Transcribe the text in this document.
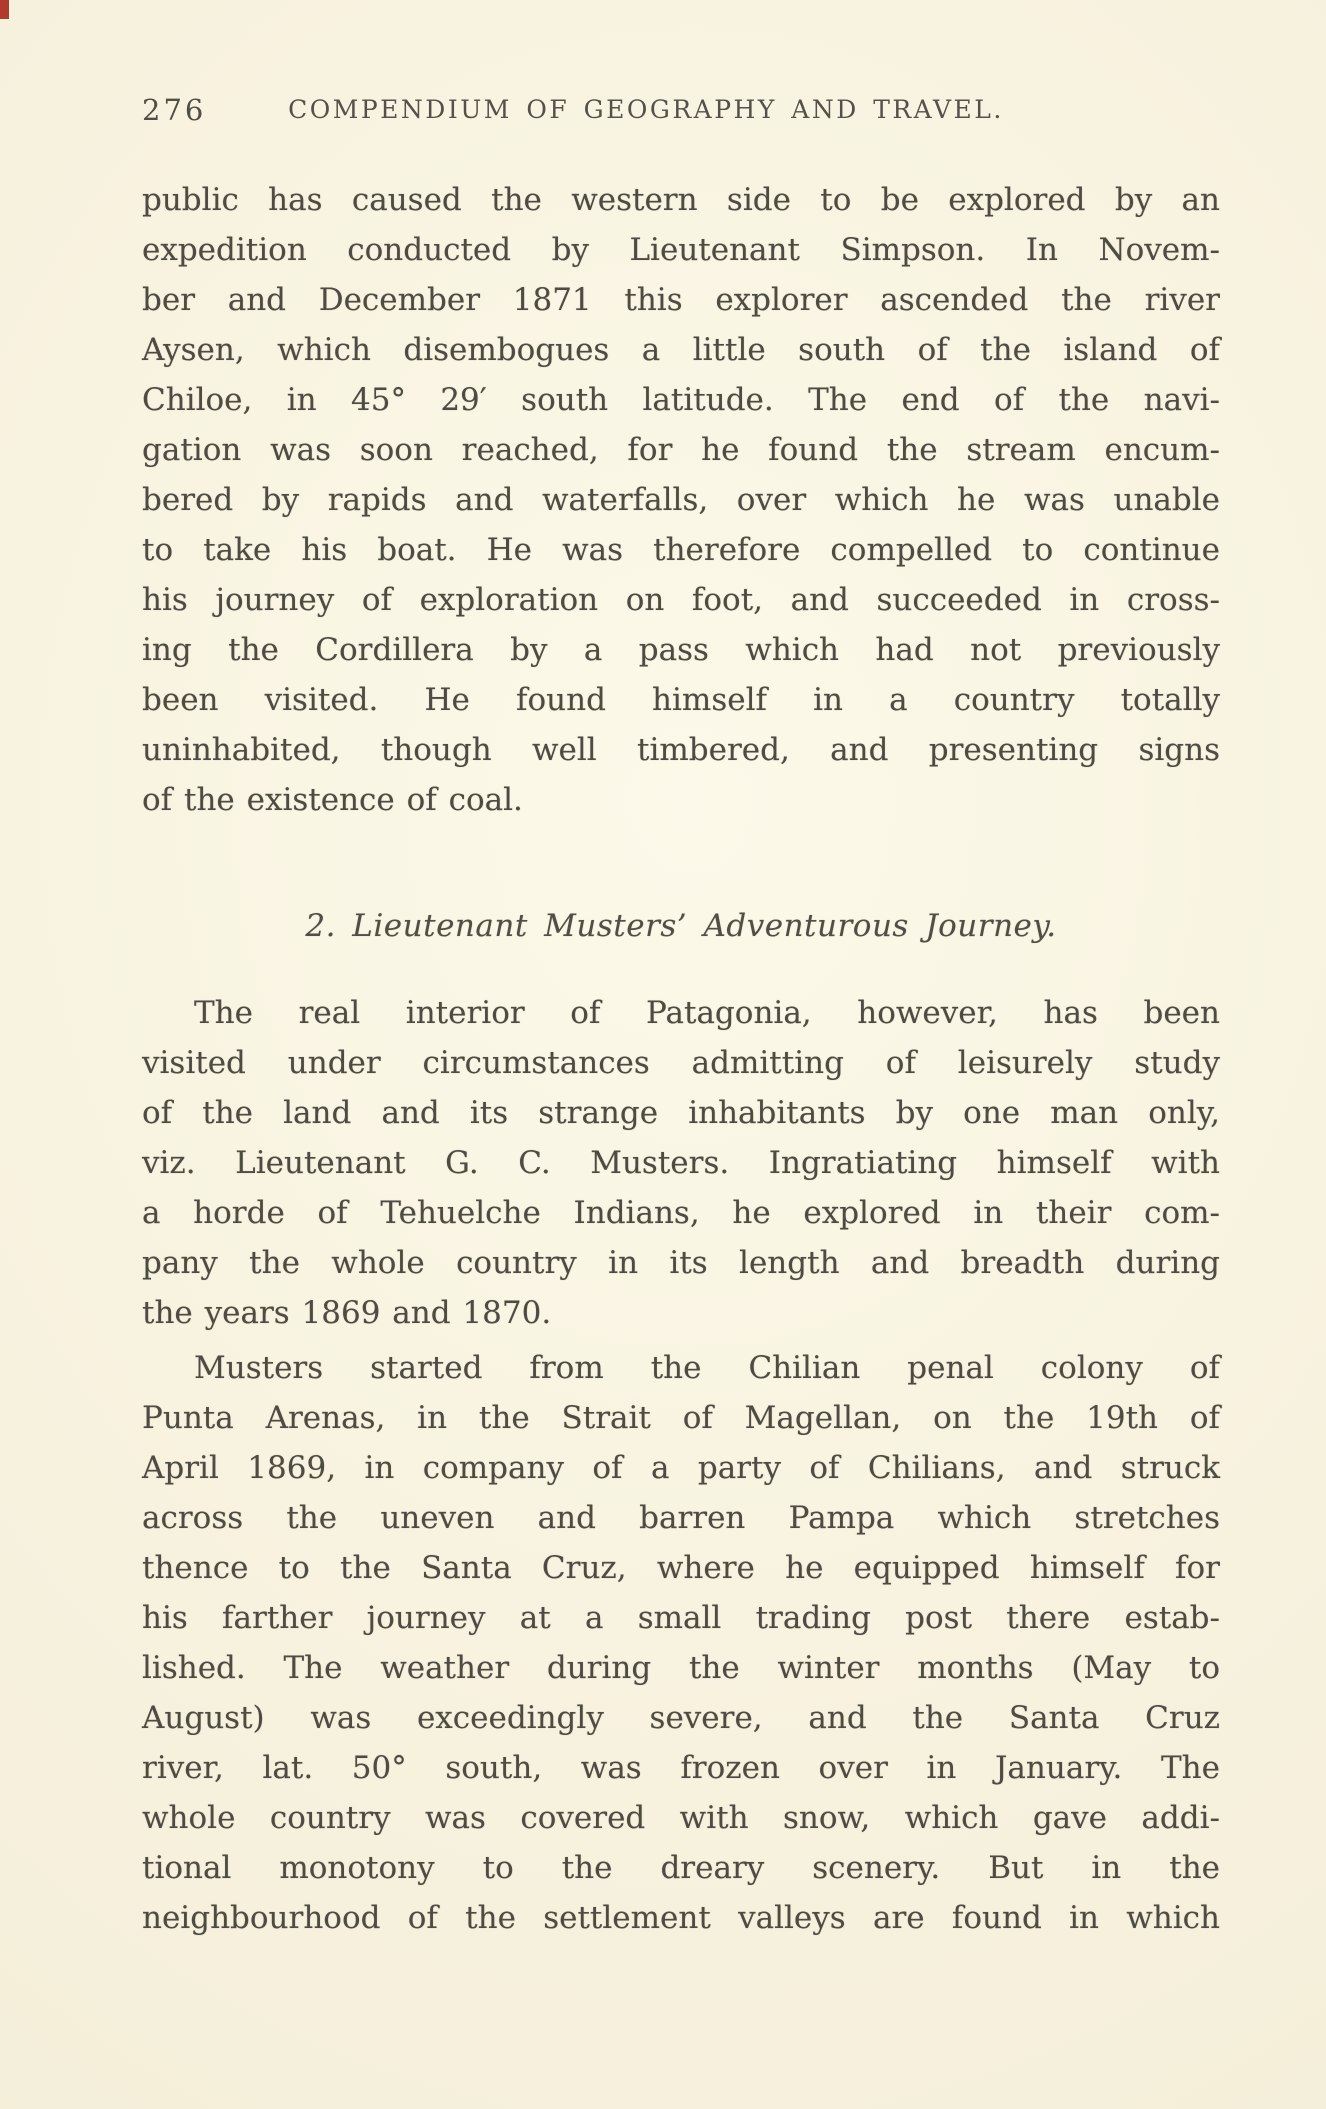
276	COMPENDIUM OF GEOGRAPHY AND TRAVEL.
public has caused the western side to be explored by an
expedition conducted by Lieutenant Simpson. In Novem-
ber and December 1871 this explorer ascended the river
Aysen, which disembogues a little south of the island of
Chiloe, in 45° 29′ south latitude. The end of the navi-
gation was soon reached, for he found the stream encum-
bered by rapids and waterfalls, over which he was unable
to take his boat. He was therefore compelled to continue
his journey of exploration on foot, and succeeded in cross-
ing the Cordillera by a pass which had not previously
been visited. He found himself in a country totally
uninhabited, though well timbered, and presenting signs
of the existence of coal.
2. Lieutenant Musters’ Adventurous Journey.
The real interior of Patagonia, however, has been
visited under circumstances admitting of leisurely study
of the land and its strange inhabitants by one man only,
viz. Lieutenant G. C. Musters. Ingratiating himself with
a horde of Tehuelche Indians, he explored in their com-
pany the whole country in its length and breadth during
the years 1869 and 1870.
Musters started from the Chilian penal colony of
Punta Arenas, in the Strait of Magellan, on the 19th of
April 1869, in company of a party of Chilians, and struck
across the uneven and barren Pampa which stretches
thence to the Santa Cruz, where he equipped himself for
his farther journey at a small trading post there estab-
lished. The weather during the winter months (May to
August) was exceedingly severe, and the Santa Cruz
river, lat. 50° south, was frozen over in January. The
whole country was covered with snow, which gave addi-
tional monotony to the dreary scenery. But in the
neighbourhood of the settlement valleys are found in which
